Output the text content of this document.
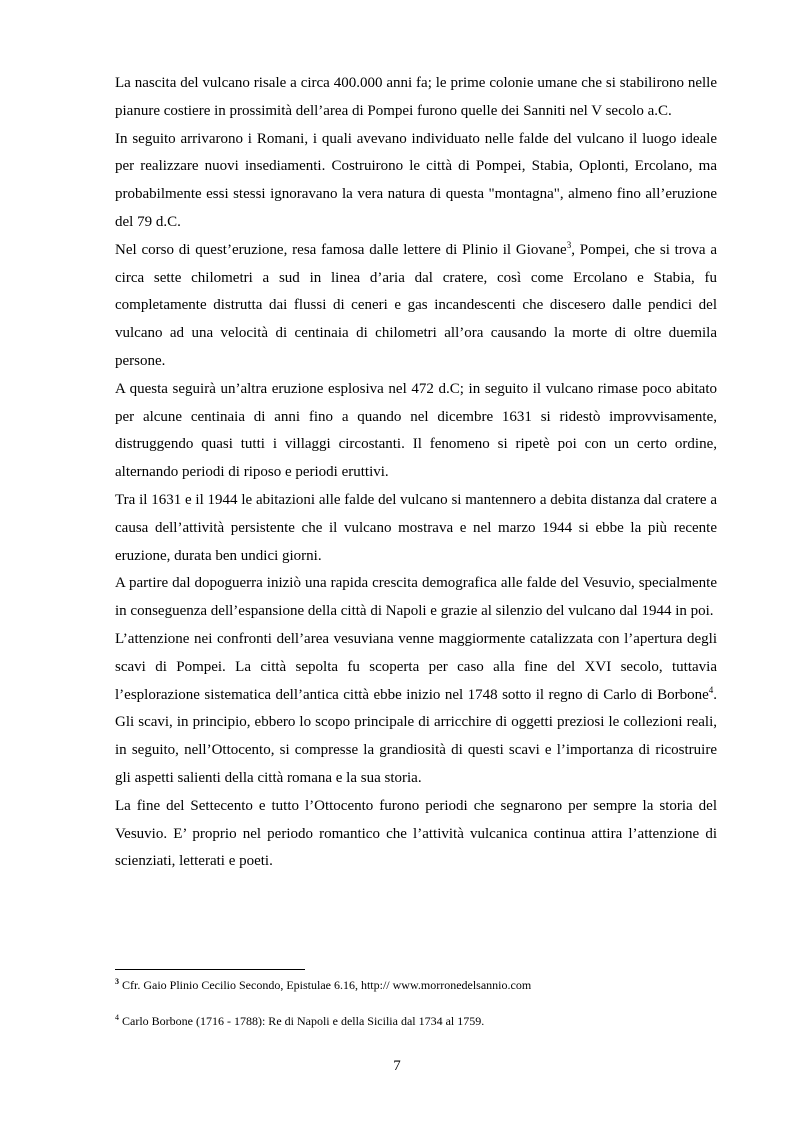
La nascita del vulcano risale a circa 400.000 anni fa; le prime colonie umane che si stabilirono nelle pianure costiere in prossimità dell’area di Pompei furono quelle dei Sanniti nel V secolo a.C.

In seguito arrivarono i Romani, i quali avevano individuato nelle falde del vulcano il luogo ideale per realizzare nuovi insediamenti. Costruirono le città di Pompei, Stabia, Oplonti, Ercolano, ma probabilmente essi stessi ignoravano la vera natura di questa "montagna", almeno fino all’eruzione del 79 d.C.

Nel corso di quest’eruzione, resa famosa dalle lettere di Plinio il Giovane$^3$, Pompei, che si trova a circa sette chilometri a sud in linea d’aria dal cratere, così come Ercolano e Stabia, fu completamente distrutta dai flussi di ceneri e gas incandescenti che discesero dalle pendici del vulcano ad una velocità di centinaia di chilometri all’ora causando la morte di oltre duemila persone.

A questa seguirà un’altra eruzione esplosiva nel 472 d.C; in seguito il vulcano rimase poco abitato per alcune centinaia di anni fino a quando nel dicembre 1631 si ridestò improvvisamente, distruggendo quasi tutti i villaggi circostanti. Il fenomeno si ripetè poi con un certo ordine, alternando periodi di riposo e periodi eruttivi.

Tra il 1631 e il 1944 le abitazioni alle falde del vulcano si mantennero a debita distanza dal cratere a causa dell’attività persistente che il vulcano mostrava e nel marzo 1944 si ebbe la più recente eruzione, durata ben undici giorni.

A partire dal dopoguerra iniziò una rapida crescita demografica alle falde del Vesuvio, specialmente in conseguenza dell’espansione della città di Napoli e grazie al silenzio del vulcano dal 1944 in poi.

L’attenzione nei confronti dell’area vesuviana venne maggiormente catalizzata con l’apertura degli scavi di Pompei. La città sepolta fu scoperta per caso alla fine del XVI secolo, tuttavia l’esplorazione sistematica dell’antica città ebbe inizio nel 1748 sotto il regno di Carlo di Borbone$^4$. Gli scavi, in principio, ebbero lo scopo principale di arricchire di oggetti preziosi le collezioni reali, in seguito, nell’Ottocento, si compresse la grandiosità di questi scavi e l’importanza di ricostruire gli aspetti salienti della città romana e la sua storia.

La fine del Settecento e tutto l’Ottocento furono periodi che segnarono per sempre la storia del Vesuvio. E’ proprio nel periodo romantico che l’attività vulcanica continua attira l’attenzione di scienziati, letterati e poeti.

$^3$ Cfr. Gaio Plinio Cecilio Secondo, Epistulae 6.16, http:// www.morronedelsannio.com

$^4$ Carlo Borbone (1716 - 1788): Re di Napoli e della Sicilia dal 1734 al 1759.

7
